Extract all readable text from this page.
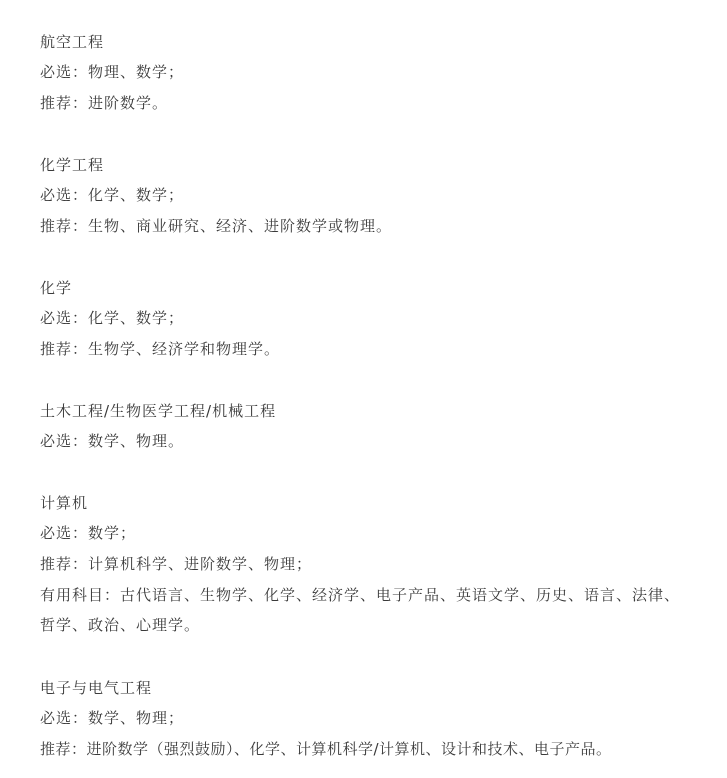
航空工程
必选：物理、数学；
推荐：进阶数学。
化学工程
必选：化学、数学；
推荐：生物、商业研究、经济、进阶数学或物理。
化学
必选：化学、数学；
推荐：生物学、经济学和物理学。
土木工程/生物医学工程/机械工程
必选：数学、物理。
计算机
必选：数学；
推荐：计算机科学、进阶数学、物理；
有用科目：古代语言、生物学、化学、经济学、电子产品、英语文学、历史、语言、法律、哲学、政治、心理学。
电子与电气工程
必选：数学、物理；
推荐：进阶数学（强烈鼓励）、化学、计算机科学/计算机、设计和技术、电子产品。
